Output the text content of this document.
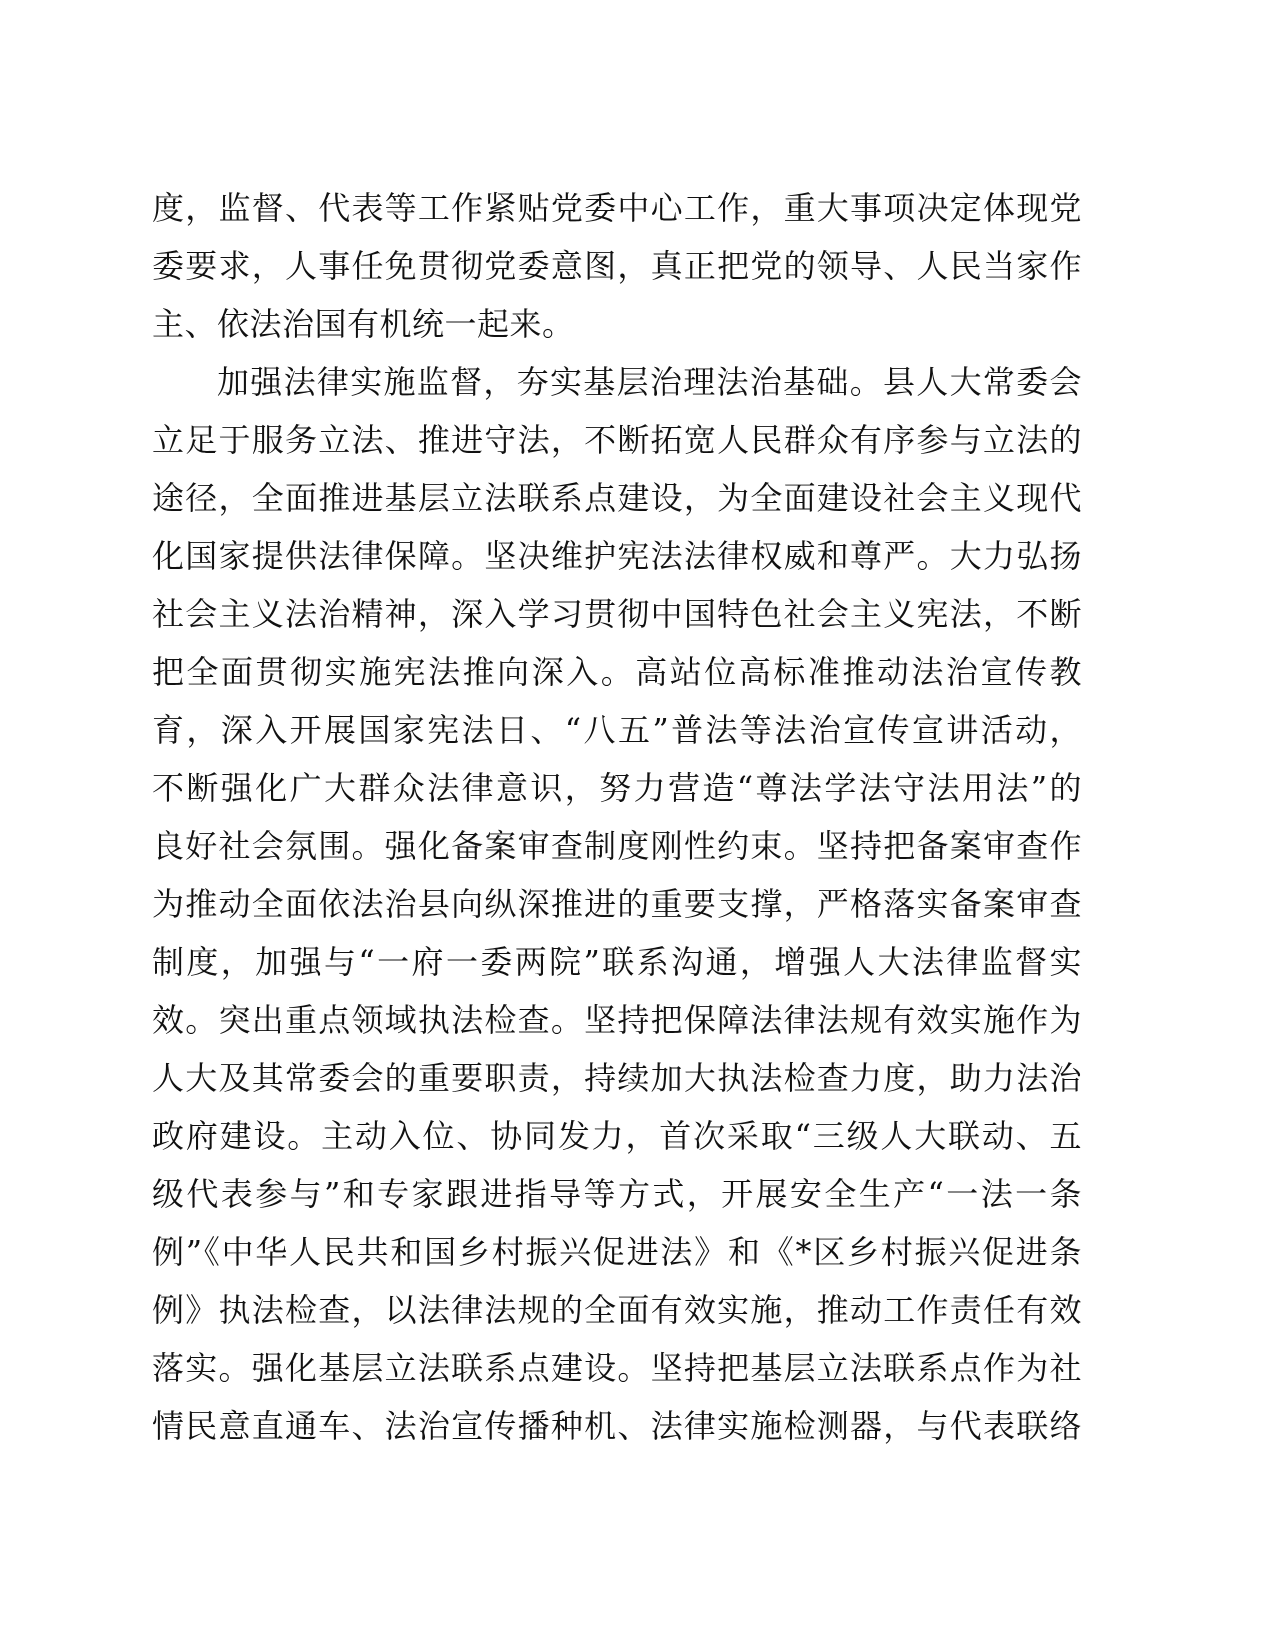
度，监督、代表等工作紧贴党委中心工作，重大事项决定体现党
委要求，人事任免贯彻党委意图，真正把党的领导、人民当家作
主、依法治国有机统一起来。
加强法律实施监督，夯实基层治理法治基础。县人大常委会
立足于服务立法、推进守法，不断拓宽人民群众有序参与立法的
途径，全面推进基层立法联系点建设，为全面建设社会主义现代
化国家提供法律保障。坚决维护宪法法律权威和尊严。大力弘扬
社会主义法治精神，深入学习贯彻中国特色社会主义宪法，不断
把全面贯彻实施宪法推向深入。高站位高标准推动法治宣传教
育，深入开展国家宪法日、“八五”普法等法治宣传宣讲活动，
不断强化广大群众法律意识，努力营造“尊法学法守法用法”的
良好社会氛围。强化备案审查制度刚性约束。坚持把备案审查作
为推动全面依法治县向纵深推进的重要支撑，严格落实备案审查
制度，加强与“一府一委两院”联系沟通，增强人大法律监督实
效。突出重点领域执法检查。坚持把保障法律法规有效实施作为
人大及其常委会的重要职责，持续加大执法检查力度，助力法治
政府建设。主动入位、协同发力，首次采取“三级人大联动、五
级代表参与”和专家跟进指导等方式，开展安全生产“一法一条
例”《中华人民共和国乡村振兴促进法》和《*区乡村振兴促进条
例》执法检查，以法律法规的全面有效实施，推动工作责任有效
落实。强化基层立法联系点建设。坚持把基层立法联系点作为社
情民意直通车、法治宣传播种机、法律实施检测器，与代表联络
